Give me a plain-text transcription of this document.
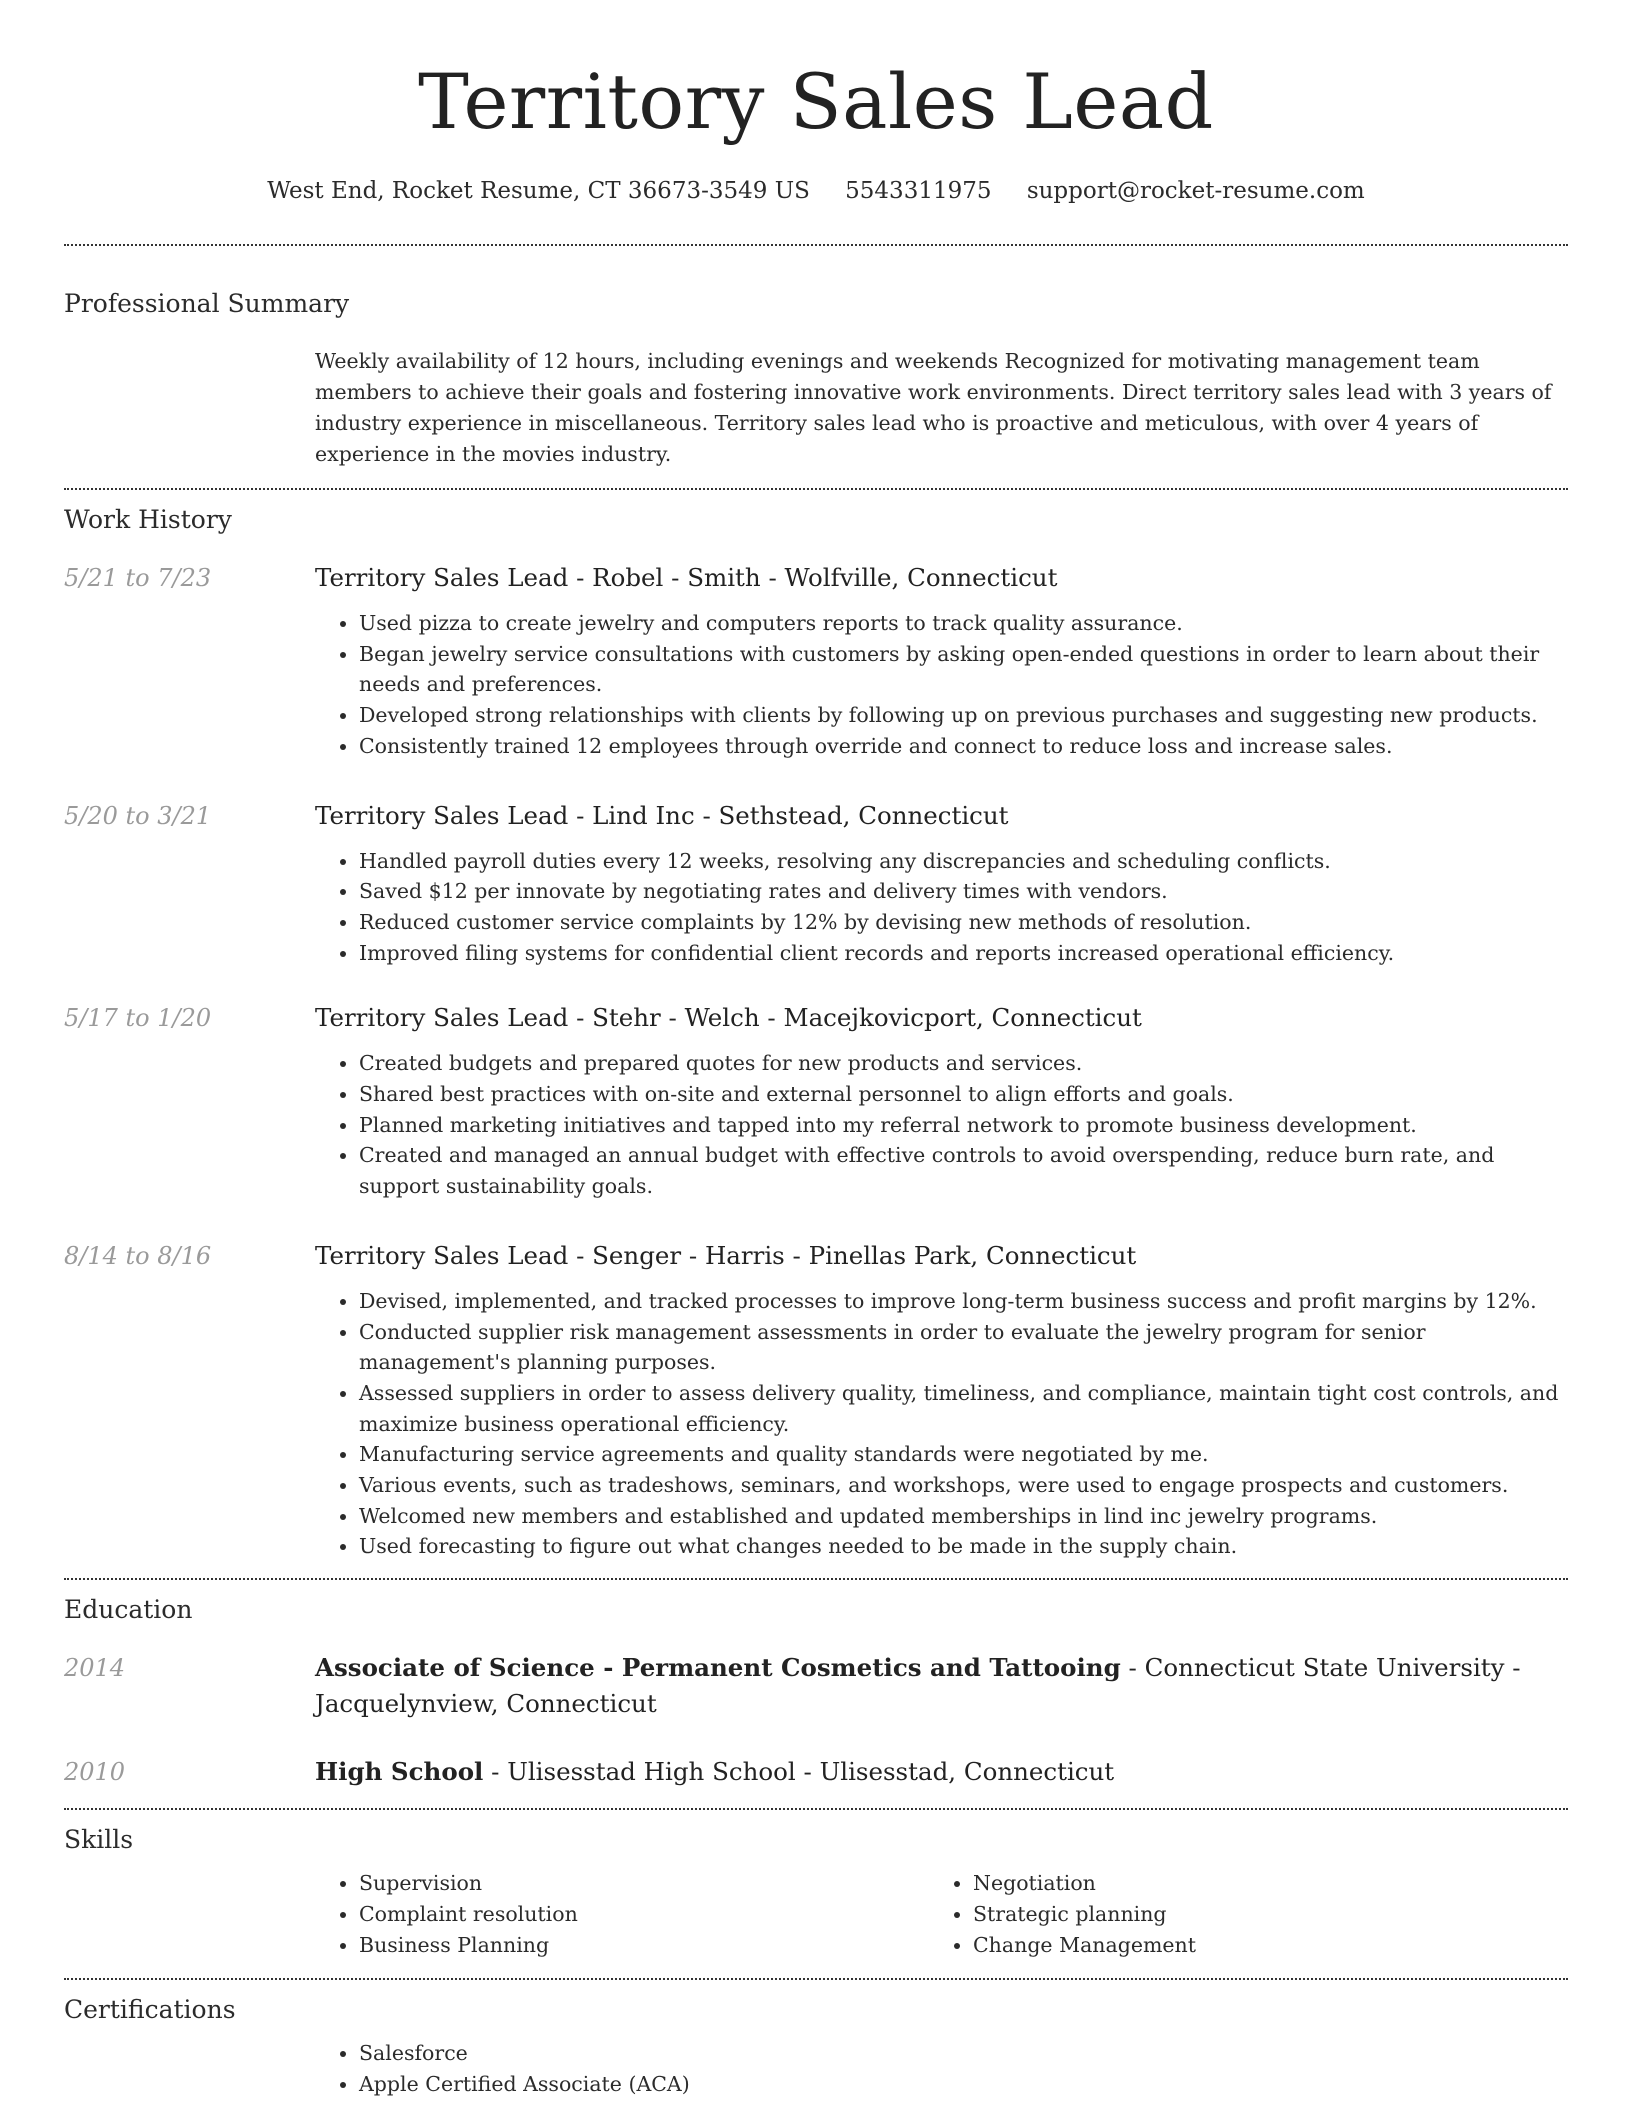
Territory Sales Lead
West End, Rocket Resume, CT 36673-3549 US 5543311975 support@rocket-resume.com
Professional Summary

Weekly availability of 12 hours, including evenings and weekends Recognized for motivating management team members to achieve their goals and fostering innovative work environments. Direct territory sales lead with 3 years of industry experience in miscellaneous. Territory sales lead who is proactive and meticulous, with over 4 years of experience in the movies industry.

Work History
5/21 to 7/23	Territory Sales Lead - Robel - Smith - Wolfville, Connecticut
• Used pizza to create jewelry and computers reports to track quality assurance.
• Began jewelry service consultations with customers by asking open-ended questions in order to learn about their needs and preferences.
• Developed strong relationships with clients by following up on previous purchases and suggesting new products.
• Consistently trained 12 employees through override and connect to reduce loss and increase sales.
5/20 to 3/21	Territory Sales Lead - Lind Inc - Sethstead, Connecticut
• Handled payroll duties every 12 weeks, resolving any discrepancies and scheduling conflicts.
• Saved $12 per innovate by negotiating rates and delivery times with vendors.
• Reduced customer service complaints by 12% by devising new methods of resolution.
• Improved filing systems for confidential client records and reports increased operational efficiency.
5/17 to 1/20	Territory Sales Lead - Stehr - Welch - Macejkovicport, Connecticut
• Created budgets and prepared quotes for new products and services.
• Shared best practices with on-site and external personnel to align efforts and goals.
• Planned marketing initiatives and tapped into my referral network to promote business development.
• Created and managed an annual budget with effective controls to avoid overspending, reduce burn rate, and support sustainability goals.
8/14 to 8/16	Territory Sales Lead - Senger - Harris - Pinellas Park, Connecticut
• Devised, implemented, and tracked processes to improve long-term business success and profit margins by 12%.
• Conducted supplier risk management assessments in order to evaluate the jewelry program for senior management's planning purposes.
• Assessed suppliers in order to assess delivery quality, timeliness, and compliance, maintain tight cost controls, and maximize business operational efficiency.
• Manufacturing service agreements and quality standards were negotiated by me.
• Various events, such as tradeshows, seminars, and workshops, were used to engage prospects and customers.
• Welcomed new members and established and updated memberships in lind inc jewelry programs.
• Used forecasting to figure out what changes needed to be made in the supply chain.
Education
2014	Associate of Science - Permanent Cosmetics and Tattooing - Connecticut State University - Jacquelynview, Connecticut
2010	High School - Ulisesstad High School - Ulisesstad, Connecticut
Skills
• Supervision
• Complaint resolution
• Business Planning
• Negotiation
• Strategic planning
• Change Management
Certifications
• Salesforce
• Apple Certified Associate (ACA)
